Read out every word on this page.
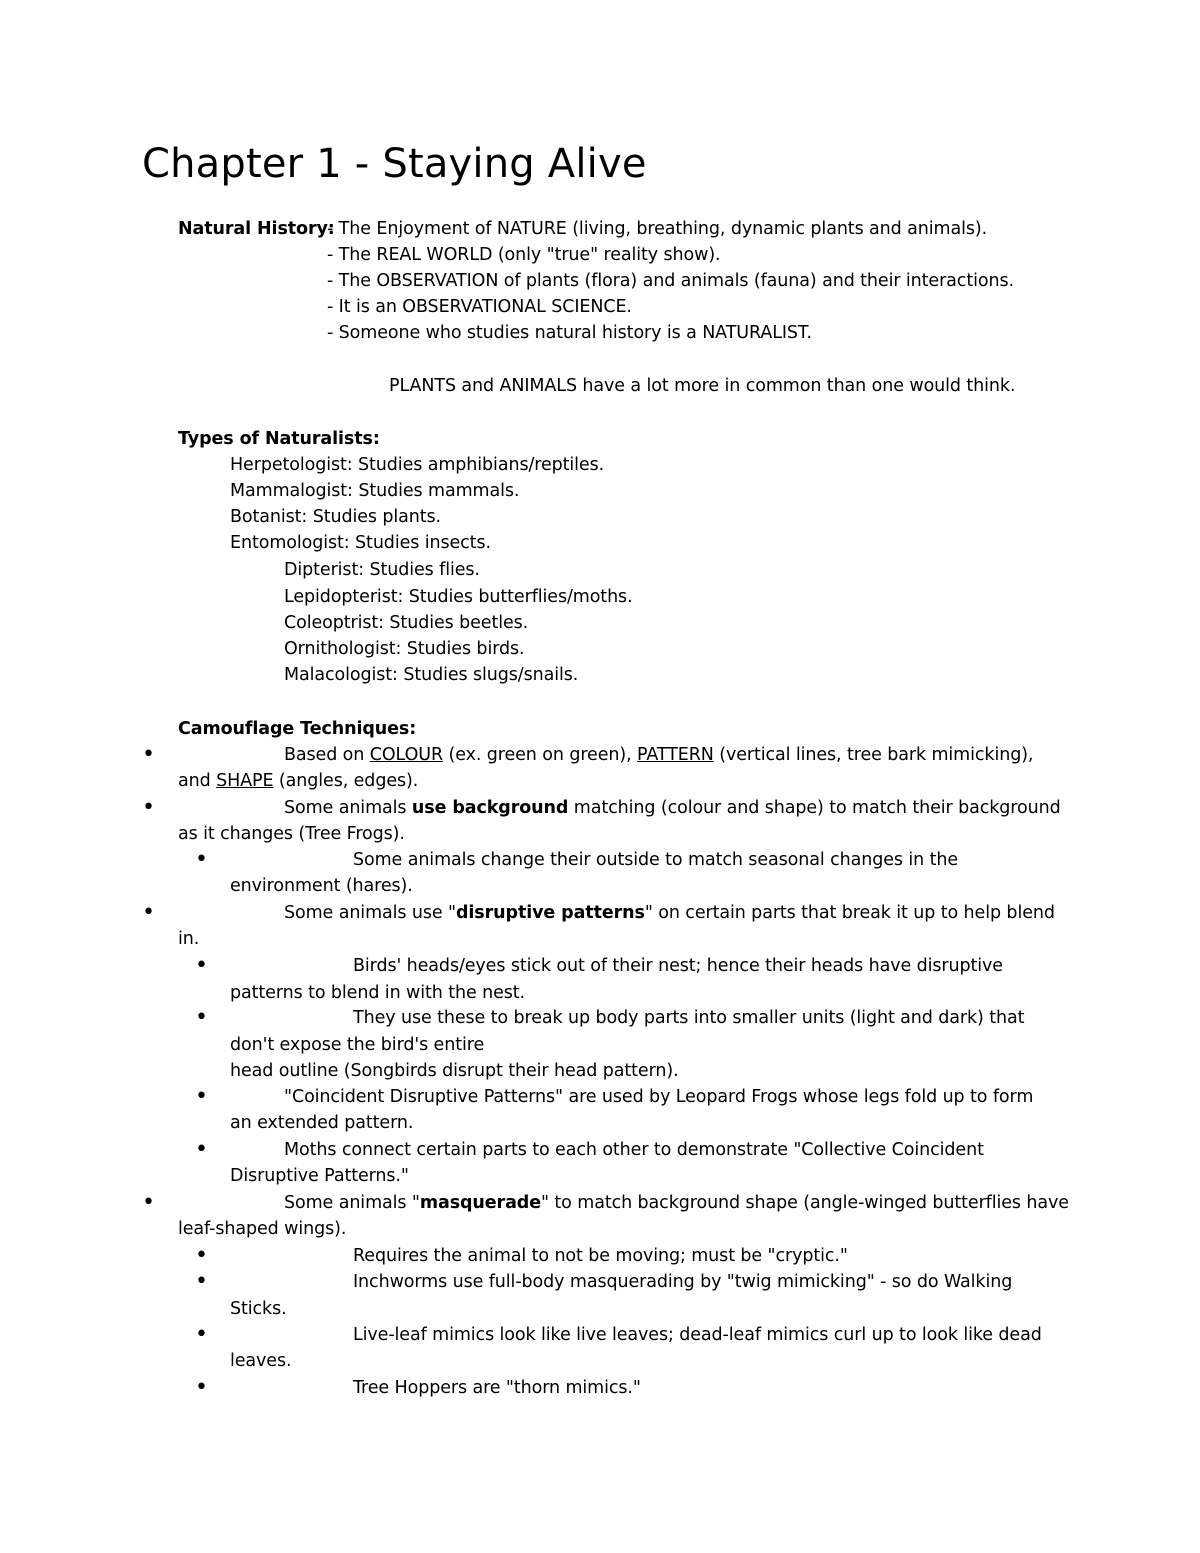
Chapter 1 - Staying Alive
Natural History:
- The Enjoyment of NATURE (living, breathing, dynamic plants and animals).
- The REAL WORLD (only "true" reality show).
- The OBSERVATION of plants (flora) and animals (fauna) and their interactions.
- It is an OBSERVATIONAL SCIENCE.
- Someone who studies natural history is a NATURALIST.
PLANTS and ANIMALS have a lot more in common than one would think.
Types of Naturalists:
Herpetologist: Studies amphibians/reptiles.
Mammalogist: Studies mammals.
Botanist: Studies plants.
Entomologist: Studies insects.
Dipterist: Studies flies.
Lepidopterist: Studies butterflies/moths.
Coleoptrist: Studies beetles.
Ornithologist: Studies birds.
Malacologist: Studies slugs/snails.
Camouflage Techniques:
•	Based on COLOUR (ex. green on green), PATTERN (vertical lines, tree bark mimicking),
and SHAPE (angles, edges).
•	Some animals use background matching (colour and shape) to match their background
as it changes (Tree Frogs).
•	Some animals change their outside to match seasonal changes in the
environment (hares).
•	Some animals use "disruptive patterns" on certain parts that break it up to help blend
in.
•	Birds' heads/eyes stick out of their nest; hence their heads have disruptive
patterns to blend in with the nest.
•	They use these to break up body parts into smaller units (light and dark) that
don't expose the bird's entire
head outline (Songbirds disrupt their head pattern).
•	"Coincident Disruptive Patterns" are used by Leopard Frogs whose legs fold up to form
an extended pattern.
•	Moths connect certain parts to each other to demonstrate "Collective Coincident
Disruptive Patterns."
•	Some animals "masquerade" to match background shape (angle-winged butterflies have
leaf-shaped wings).
•	Requires the animal to not be moving; must be "cryptic."
•	Inchworms use full-body masquerading by "twig mimicking" - so do Walking
Sticks.
•	Live-leaf mimics look like live leaves; dead-leaf mimics curl up to look like dead
leaves.
•	Tree Hoppers are "thorn mimics."
